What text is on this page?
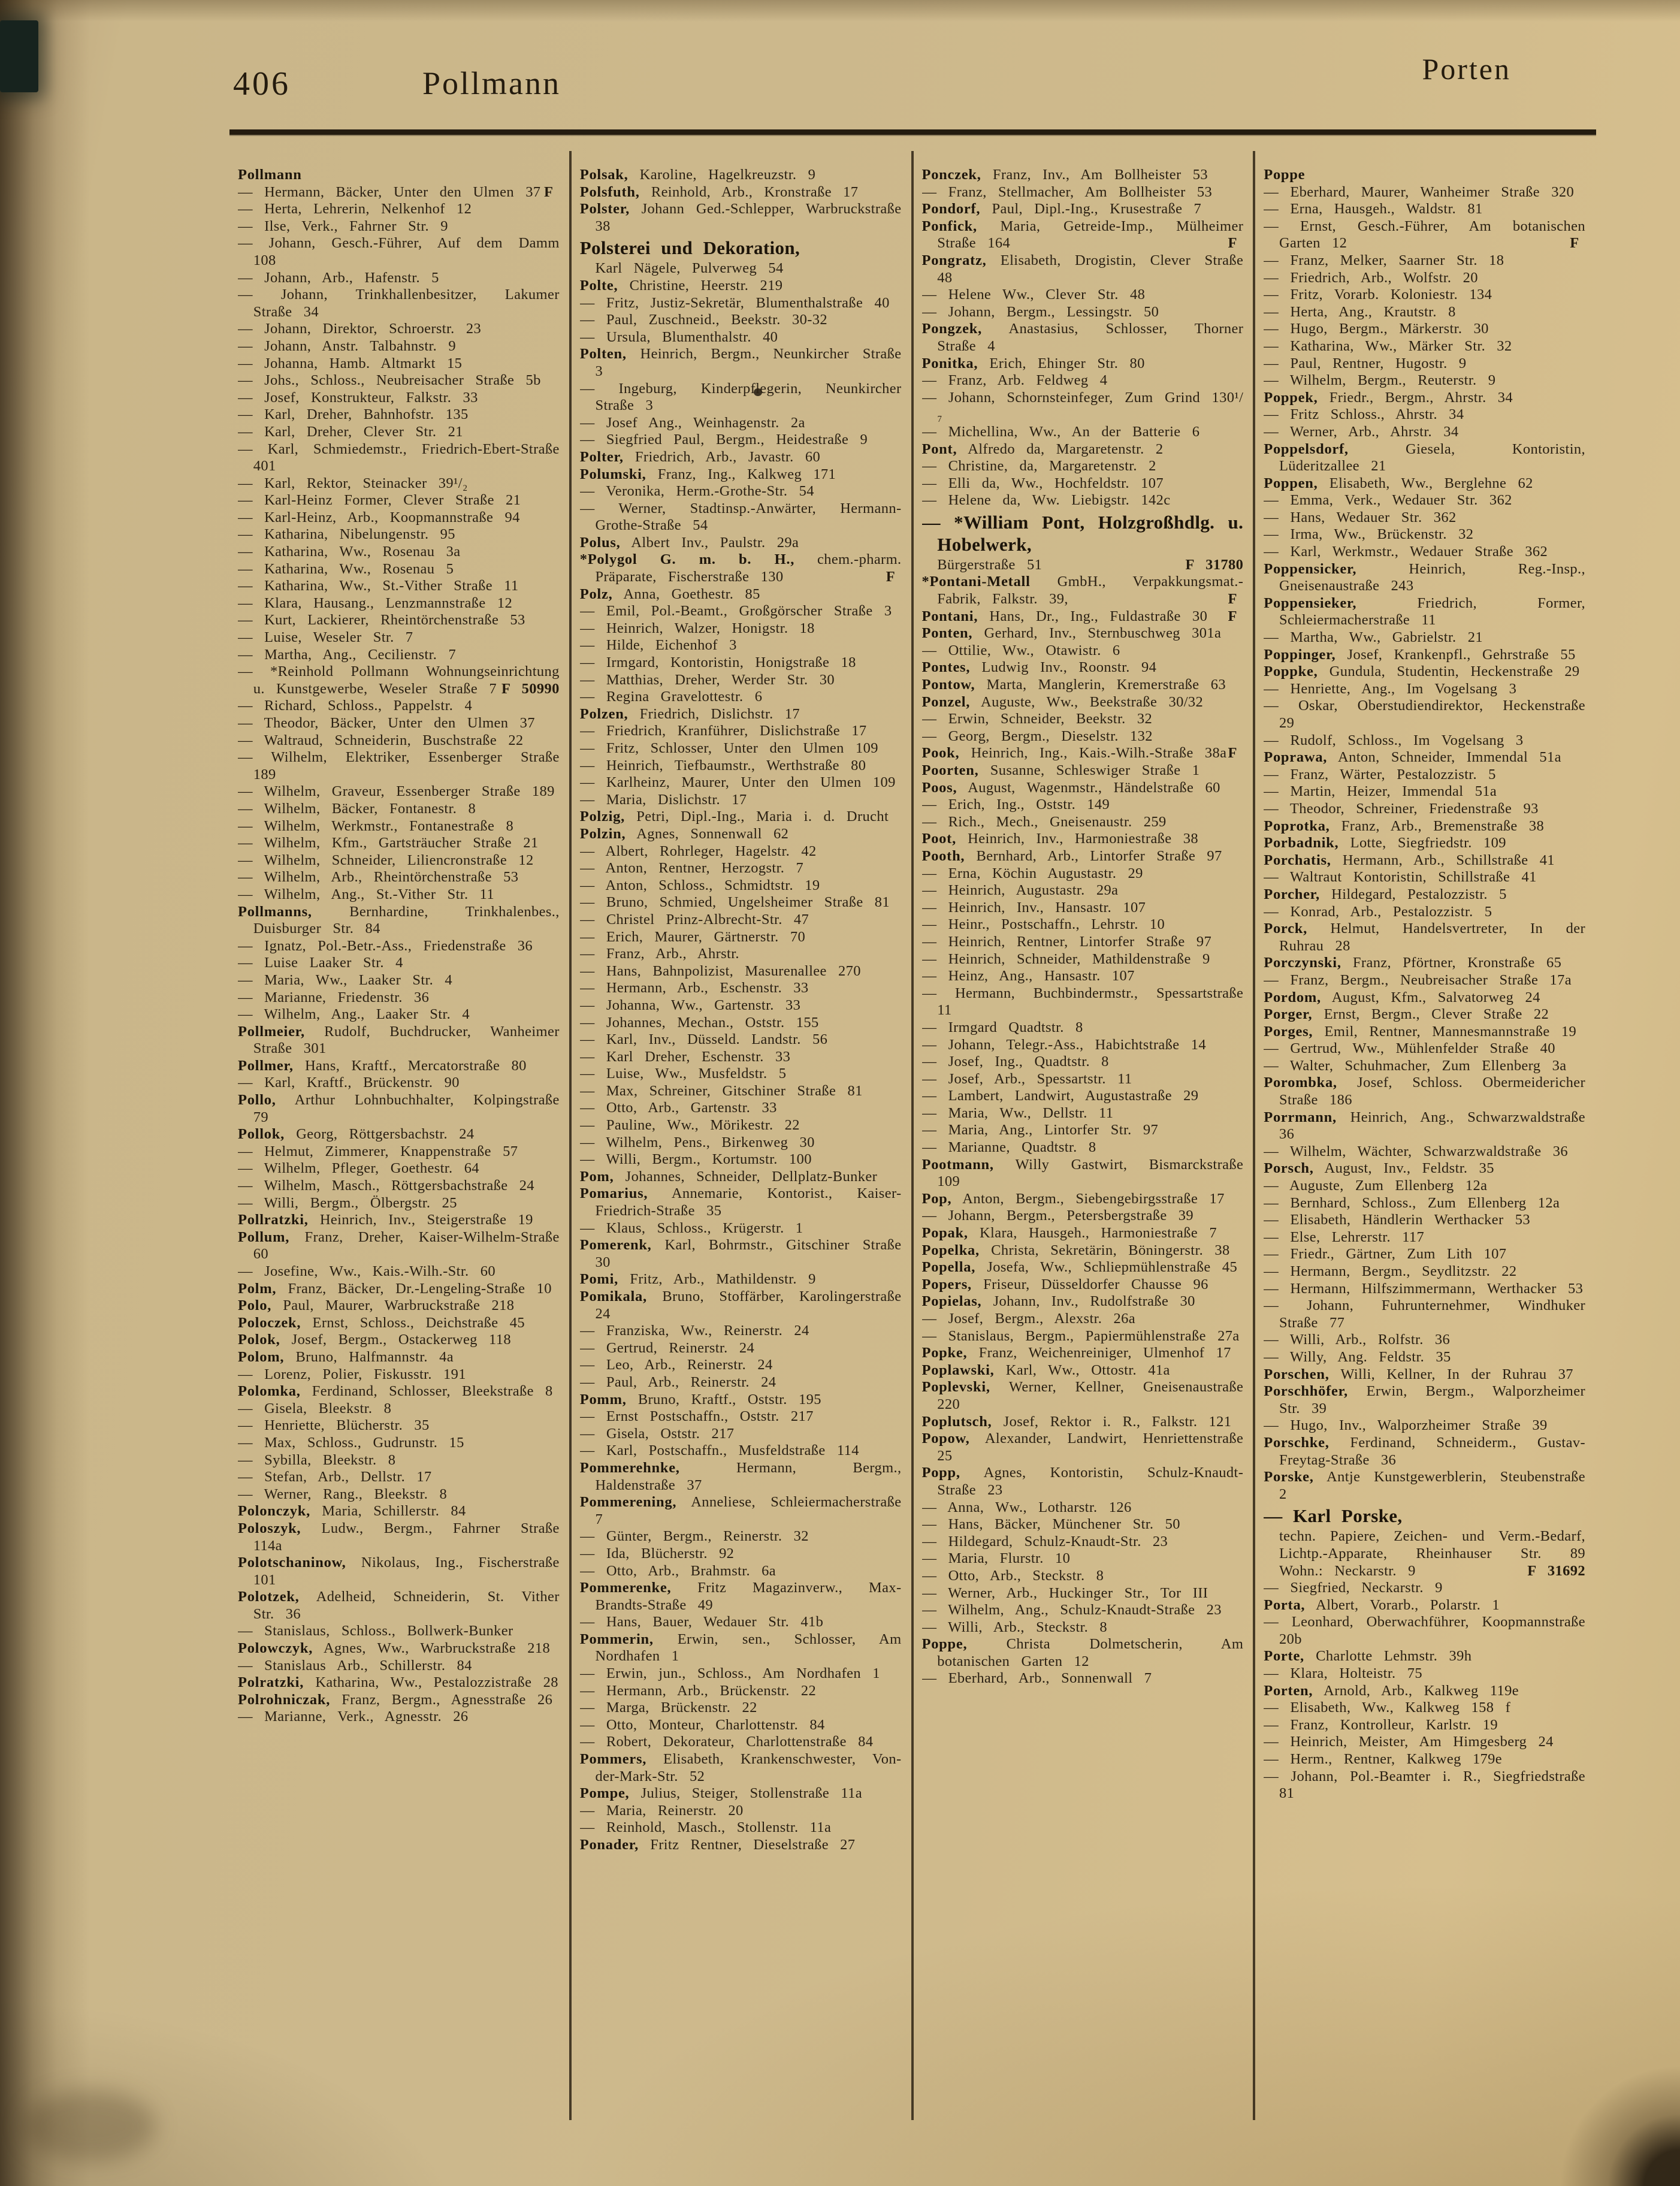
406	Pollmann	Porten

Pollmann

— Hermann, Bäcker, Unter den Ulmen 37 F

— Herta, Lehrerin, Nelkenhof 12

— Ilse, Verk., Fahrner Str. 9

— Johann, Gesch.-Führer, Auf dem Damm 108

— Johann, Arb., Hafenstr. 5

— Johann, Trinkhallenbesitzer, Lakumer Straße 34

— Johann, Direktor, Schroerstr. 23

— Johann, Anstr. Talbahnstr. 9

— Johanna, Hamb. Altmarkt 15

— Johs., Schloss., Neubreisacher Straße 5b

— Josef, Konstrukteur, Falkstr. 33

— Karl, Dreher, Bahnhofstr. 135

— Karl, Dreher, Clever Str. 21

— Karl, Schmiedemstr., Friedrich-Ebert-Straße 401

— Karl, Rektor, Steinacker 39¹/₂

— Karl-Heinz Former, Clever Straße 21

— Karl-Heinz, Arb., Koopmannstraße 94

— Katharina, Nibelungenstr. 95

— Katharina, Ww., Rosenau 3a

— Katharina, Ww., Rosenau 5

— Katharina, Ww., St.-Vither Straße 11

— Klara, Hausang., Lenzmannstraße 12

— Kurt, Lackierer, Rheintörchenstraße 53

— Luise, Weseler Str. 7

— Martha, Ang., Cecilienstr. 7

— *Reinhold Pollmann Wohnungseinrichtung u. Kunstgewerbe, Weseler Straße 7 F 50990

— Richard, Schloss., Pappelstr. 4

— Theodor, Bäcker, Unter den Ulmen 37

— Waltraud, Schneiderin, Buschstraße 22

— Wilhelm, Elektriker, Essenberger Straße 189

— Wilhelm, Graveur, Essenberger Straße 189

— Wilhelm, Bäcker, Fontanestr. 8

— Wilhelm, Werkmstr., Fontanestraße 8

— Wilhelm, Kfm., Gartsträucher Straße 21

— Wilhelm, Schneider, Liliencronstraße 12

— Wilhelm, Arb., Rheintörchenstraße 53

— Wilhelm, Ang., St.-Vither Str. 11

Pollmanns, Bernhardine, Trinkhalenbes., Duisburger Str. 84

— Ignatz, Pol.-Betr.-Ass., Friedenstraße 36

— Luise Laaker Str. 4

— Maria, Ww., Laaker Str. 4

— Marianne, Friedenstr. 36

— Wilhelm, Ang., Laaker Str. 4

Pollmeier, Rudolf, Buchdrucker, Wanheimer Straße 301

Pollmer, Hans, Kraftf., Mercatorstraße 80

— Karl, Kraftf., Brückenstr. 90

Pollo, Arthur Lohnbuchhalter, Kolpingstraße 79

Pollok, Georg, Röttgersbachstr. 24

— Helmut, Zimmerer, Knappenstraße 57

— Wilhelm, Pfleger, Goethestr. 64

— Wilhelm, Masch., Röttgersbachstraße 24

— Willi, Bergm., Ölbergstr. 25

Pollratzki, Heinrich, Inv., Steigerstraße 19

Pollum, Franz, Dreher, Kaiser-Wilhelm-Straße 60

— Josefine, Ww., Kais.-Wilh.-Str. 60

Polm, Franz, Bäcker, Dr.-Lengeling-Straße 10

Polo, Paul, Maurer, Warbruckstraße 218

Poloczek, Ernst, Schloss., Deichstraße 45

Polok, Josef, Bergm., Ostackerweg 118

Polom, Bruno, Halfmannstr. 4a

— Lorenz, Polier, Fiskusstr. 191

Polomka, Ferdinand, Schlosser, Bleekstraße 8

— Gisela, Bleekstr. 8

— Henriette, Blücherstr. 35

— Max, Schloss., Gudrunstr. 15

— Sybilla, Bleekstr. 8

— Stefan, Arb., Dellstr. 17

— Werner, Rang., Bleekstr. 8

Polonczyk, Maria, Schillerstr. 84

Poloszyk, Ludw., Bergm., Fahrner Straße 114a

Polotschaninow, Nikolaus, Ing., Fischerstraße 101

Polotzek, Adelheid, Schneiderin, St. Vither Str. 36

— Stanislaus, Schloss., Bollwerk-Bunker

Polowczyk, Agnes, Ww., Warbruckstraße 218

— Stanislaus Arb., Schillerstr. 84

Polratzki, Katharina, Ww., Pestalozzistraße 28

Polrohniczak, Franz, Bergm., Agnesstraße 26

— Marianne, Verk., Agnesstr. 26

Polsak, Karoline, Hagelkreuzstr. 9

Polsfuth, Reinhold, Arb., Kronstraße 17

Polster, Johann Ged.-Schlepper, Warbruckstraße 38

Polsterei und Dekoration,
Karl Nägele, Pulverweg 54

Polte, Christine, Heerstr. 219

— Fritz, Justiz-Sekretär, Blumenthalstraße 40

— Paul, Zuschneid., Beekstr. 30-32

— Ursula, Blumenthalstr. 40

Polten, Heinrich, Bergm., Neunkircher Straße 3

— Ingeburg, Kinderpflegerin, Neunkircher Straße 3

— Josef Ang., Weinhagenstr. 2a

— Siegfried Paul, Bergm., Heidestraße 9

Polter, Friedrich, Arb., Javastr. 60

Polumski, Franz, Ing., Kalkweg 171

— Veronika, Herm.-Grothe-Str. 54

— Werner, Stadtinsp.-Anwärter, Hermann-Grothe-Straße 54

Polus, Albert Inv., Paulstr. 29a

*Polygol G. m. b. H., chem.-pharm. Präparate, Fischerstraße 130	F

Polz, Anna, Goethestr. 85

— Emil, Pol.-Beamt., Großgörscher Straße 3

— Heinrich, Walzer, Honigstr. 18

— Hilde, Eichenhof 3

— Irmgard, Kontoristin, Honigstraße 18

— Matthias, Dreher, Werder Str. 30

— Regina Gravelottestr. 6

Polzen, Friedrich, Dislichstr. 17

— Friedrich, Kranführer, Dislichstraße 17

— Fritz, Schlosser, Unter den Ulmen 109

— Heinrich, Tiefbaumstr., Werthstraße 80

— Karlheinz, Maurer, Unter den Ulmen 109

— Maria, Dislichstr. 17

Polzig, Petri, Dipl.-Ing., Maria i. d. Drucht

Polzin, Agnes, Sonnenwall 62

— Albert, Rohrleger, Hagelstr. 42

— Anton, Rentner, Herzogstr. 7

— Anton, Schloss., Schmidtstr. 19

— Bruno, Schmied, Ungelsheimer Straße 81

— Christel Prinz-Albrecht-Str. 47

— Erich, Maurer, Gärtnerstr. 70

— Franz, Arb., Ahrstr.

— Hans, Bahnpolizist, Masurenallee 270

— Hermann, Arb., Eschenstr. 33

— Johanna, Ww., Gartenstr. 33

— Johannes, Mechan., Oststr. 155

— Karl, Inv., Düsseld. Landstr. 56

— Karl Dreher, Eschenstr. 33

— Luise, Ww., Musfeldstr. 5

— Max, Schreiner, Gitschiner Straße 81

— Otto, Arb., Gartenstr. 33

— Pauline, Ww., Mörikestr. 22

— Wilhelm, Pens., Birkenweg 30

— Willi, Bergm., Kortumstr. 100

Pom, Johannes, Schneider, Dellplatz-Bunker

Pomarius, Annemarie, Kontorist., Kaiser-Friedrich-Straße 35

— Klaus, Schloss., Krügerstr. 1

Pomerenk, Karl, Bohrmstr., Gitschiner Straße 30

Pomi, Fritz, Arb., Mathildenstr. 9

Pomikala, Bruno, Stoffärber, Karolingerstraße 24

— Franziska, Ww., Reinerstr. 24

— Gertrud, Reinerstr. 24

— Leo, Arb., Reinerstr. 24

— Paul, Arb., Reinerstr. 24

Pomm, Bruno, Kraftf., Oststr. 195

— Ernst Postschaffn., Oststr. 217

— Gisela, Oststr. 217

— Karl, Postschaffn., Musfeldstraße 114

Pommerehnke, Hermann, Bergm., Haldenstraße 37

Pommerening, Anneliese, Schleiermacherstraße 7

— Günter, Bergm., Reinerstr. 32

— Ida, Blücherstr. 92

— Otto, Arb., Brahmstr. 6a

Pommerenke, Fritz Magazinverw., Max-Brandts-Straße 49

— Hans, Bauer, Wedauer Str. 41b

Pommerin, Erwin, sen., Schlosser, Am Nordhafen 1

— Erwin, jun., Schloss., Am Nordhafen 1

— Hermann, Arb., Brückenstr. 22

— Marga, Brückenstr. 22

— Otto, Monteur, Charlottenstr. 84

— Robert, Dekorateur, Charlottenstraße 84

Pommers, Elisabeth, Krankenschwester, Von-der-Mark-Str. 52

Pompe, Julius, Steiger, Stollenstraße 11a

— Maria, Reinerstr. 20

— Reinhold, Masch., Stollenstr. 11a

Ponader, Fritz Rentner, Dieselstraße 27

Ponczek, Franz, Inv., Am Bollheister 53

— Franz, Stellmacher, Am Bollheister 53

Pondorf, Paul, Dipl.-Ing., Krusestraße 7

Ponfick, Maria, Getreide-Imp., Mülheimer Straße 164	F

Pongratz, Elisabeth, Drogistin, Clever Straße 48

— Helene Ww., Clever Str. 48

— Johann, Bergm., Lessingstr. 50

Pongzek, Anastasius, Schlosser, Thorner Straße 4

Ponitka, Erich, Ehinger Str. 80

— Franz, Arb. Feldweg 4

— Johann, Schornsteinfeger, Zum Grind 130¹/₇

— Michellina, Ww., An der Batterie 6

Pont, Alfredo da, Margaretenstr. 2

— Christine, da, Margaretenstr. 2

— Elli da, Ww., Hochfeldstr. 107

— Helene da, Ww. Liebigstr. 142c

— *William Pont, Holzgroßhdlg. u. Hobelwerk,
Bürgerstraße 51	F 31780

*Pontani-Metall GmbH., Verpakkungsmat.-Fabrik, Falkstr. 39,	F

Pontani, Hans, Dr., Ing., Fuldastraße 30 F

Ponten, Gerhard, Inv., Sternbuschweg 301a

— Ottilie, Ww., Otawistr. 6

Pontes, Ludwig Inv., Roonstr. 94

Pontow, Marta, Manglerin, Kremerstraße 63

Ponzel, Auguste, Ww., Beekstraße 30/32

— Erwin, Schneider, Beekstr. 32

— Georg, Bergm., Dieselstr. 132

Pook, Heinrich, Ing., Kais.-Wilh.-Straße 38a F

Poorten, Susanne, Schleswiger Straße 1

Poos, August, Wagenmstr., Händelstraße 60

— Erich, Ing., Oststr. 149

— Rich., Mech., Gneisenaustr. 259

Poot, Heinrich, Inv., Harmoniestraße 38

Pooth, Bernhard, Arb., Lintorfer Straße 97

— Erna, Köchin Augustastr. 29

— Heinrich, Augustastr. 29a

— Heinrich, Inv., Hansastr. 107

— Heinr., Postschaffn., Lehrstr. 10

— Heinrich, Rentner, Lintorfer Straße 97

— Heinrich, Schneider, Mathildenstraße 9

— Heinz, Ang., Hansastr. 107

— Hermann, Buchbindermstr., Spessartstraße 11

— Irmgard Quadtstr. 8

— Johann, Telegr.-Ass., Habichtstraße 14

— Josef, Ing., Quadtstr. 8

— Josef, Arb., Spessartstr. 11

— Lambert, Landwirt, Augustastraße 29

— Maria, Ww., Dellstr. 11

— Maria, Ang., Lintorfer Str. 97

— Marianne, Quadtstr. 8

Pootmann, Willy Gastwirt, Bismarckstraße 109

Pop, Anton, Bergm., Siebengebirgsstraße 17

— Johann, Bergm., Petersbergstraße 39

Popak, Klara, Hausgeh., Harmoniestraße 7

Popelka, Christa, Sekretärin, Böningerstr. 38

Popella, Josefa, Ww., Schliepmühlenstraße 45

Popers, Friseur, Düsseldorfer Chausse 96

Popielas, Johann, Inv., Rudolfstraße 30

— Josef, Bergm., Alexstr. 26a

— Stanislaus, Bergm., Papiermühlenstraße 27a

Popke, Franz, Weichenreiniger, Ulmenhof 17

Poplawski, Karl, Ww., Ottostr. 41a

Poplevski, Werner, Kellner, Gneisenaustraße 220

Poplutsch, Josef, Rektor i. R., Falkstr. 121

Popow, Alexander, Landwirt, Henriettenstraße 25

Popp, Agnes, Kontoristin, Schulz-Knaudt-Straße 23

— Anna, Ww., Lotharstr. 126

— Hans, Bäcker, Münchener Str. 50

— Hildegard, Schulz-Knaudt-Str. 23

— Maria, Flurstr. 10

— Otto, Arb., Steckstr. 8

— Werner, Arb., Huckinger Str., Tor III

— Wilhelm, Ang., Schulz-Knaudt-Straße 23

— Willi, Arb., Steckstr. 8

Poppe, Christa Dolmetscherin, Am botanischen Garten 12

— Eberhard, Arb., Sonnenwall 7

Poppe

— Eberhard, Maurer, Wanheimer Straße 320

— Erna, Hausgeh., Waldstr. 81

— Ernst, Gesch.-Führer, Am botanischen Garten 12	F

— Franz, Melker, Saarner Str. 18

— Friedrich, Arb., Wolfstr. 20

— Fritz, Vorarb. Koloniestr. 134

— Herta, Ang., Krautstr. 8

— Hugo, Bergm., Märkerstr. 30

— Katharina, Ww., Märker Str. 32

— Paul, Rentner, Hugostr. 9

— Wilhelm, Bergm., Reuterstr. 9

Poppek, Friedr., Bergm., Ahrstr. 34

— Fritz Schloss., Ahrstr. 34

— Werner, Arb., Ahrstr. 34

Poppelsdorf, Giesela, Kontoristin, Lüderitzallee 21

Poppen, Elisabeth, Ww., Berglehne 62

— Emma, Verk., Wedauer Str. 362

— Hans, Wedauer Str. 362

— Irma, Ww., Brückenstr. 32

— Karl, Werkmstr., Wedauer Straße 362

Poppensicker, Heinrich, Reg.-Insp., Gneisenaustraße 243

Poppensieker, Friedrich, Former, Schleiermacherstraße 11

— Martha, Ww., Gabrielstr. 21

Poppinger, Josef, Krankenpfl., Gehrstraße 55

Poppke, Gundula, Studentin, Heckenstraße 29

— Henriette, Ang., Im Vogelsang 3

— Oskar, Oberstudiendirektor, Heckenstraße 29

— Rudolf, Schloss., Im Vogelsang 3

Poprawa, Anton, Schneider, Immendal 51a

— Franz, Wärter, Pestalozzistr. 5

— Martin, Heizer, Immendal 51a

— Theodor, Schreiner, Friedenstraße 93

Poprotka, Franz, Arb., Bremenstraße 38

Porbadnik, Lotte, Siegfriedstr. 109

Porchatis, Hermann, Arb., Schillstraße 41

— Waltraut Kontoristin, Schillstraße 41

Porcher, Hildegard, Pestalozzistr. 5

— Konrad, Arb., Pestalozzistr. 5

Porck, Helmut, Handelsvertreter, In der Ruhrau 28

Porczynski, Franz, Pförtner, Kronstraße 65

— Franz, Bergm., Neubreisacher Straße 17a

Pordom, August, Kfm., Salvatorweg 24

Porger, Ernst, Bergm., Clever Straße 22

Porges, Emil, Rentner, Mannesmannstraße 19

— Gertrud, Ww., Mühlenfelder Straße 40

— Walter, Schuhmacher, Zum Ellenberg 3a

Porombka, Josef, Schloss. Obermeidericher Straße 186

Porrmann, Heinrich, Ang., Schwarzwaldstraße 36

— Wilhelm, Wächter, Schwarzwaldstraße 36

Porsch, August, Inv., Feldstr. 35

— Auguste, Zum Ellenberg 12a

— Bernhard, Schloss., Zum Ellenberg 12a

— Elisabeth, Händlerin Werthacker 53

— Else, Lehrerstr. 117

— Friedr., Gärtner, Zum Lith 107

— Hermann, Bergm., Seydlitzstr. 22

— Hermann, Hilfszimmermann, Werthacker 53

— Johann, Fuhrunternehmer, Windhuker Straße 77

— Willi, Arb., Rolfstr. 36

— Willy, Ang. Feldstr. 35

Porschen, Willi, Kellner, In der Ruhrau 37

Porschhöfer, Erwin, Bergm., Walporzheimer Str. 39

— Hugo, Inv., Walporzheimer Straße 39

Porschke, Ferdinand, Schneiderm., Gustav-Freytag-Straße 36

Porske, Antje Kunstgewerblerin, Steubenstraße 2

— Karl Porske,
techn. Papiere, Zeichen- und Verm.-Bedarf, Lichtp.-Apparate, Rheinhauser Str. 89 Wohn.: Neckarstr. 9	F 31692

— Siegfried, Neckarstr. 9

Porta, Albert, Vorarb., Polarstr. 1

— Leonhard, Oberwachführer, Koopmannstraße 20b

Porte, Charlotte Lehmstr. 39h

— Klara, Holteistr. 75

Porten, Arnold, Arb., Kalkweg 119e

— Elisabeth, Ww., Kalkweg 158 f

— Franz, Kontrolleur, Karlstr. 19

— Heinrich, Meister, Am Himgesberg 24

— Herm., Rentner, Kalkweg 179e

— Johann, Pol.-Beamter i. R., Siegfriedstraße 81
